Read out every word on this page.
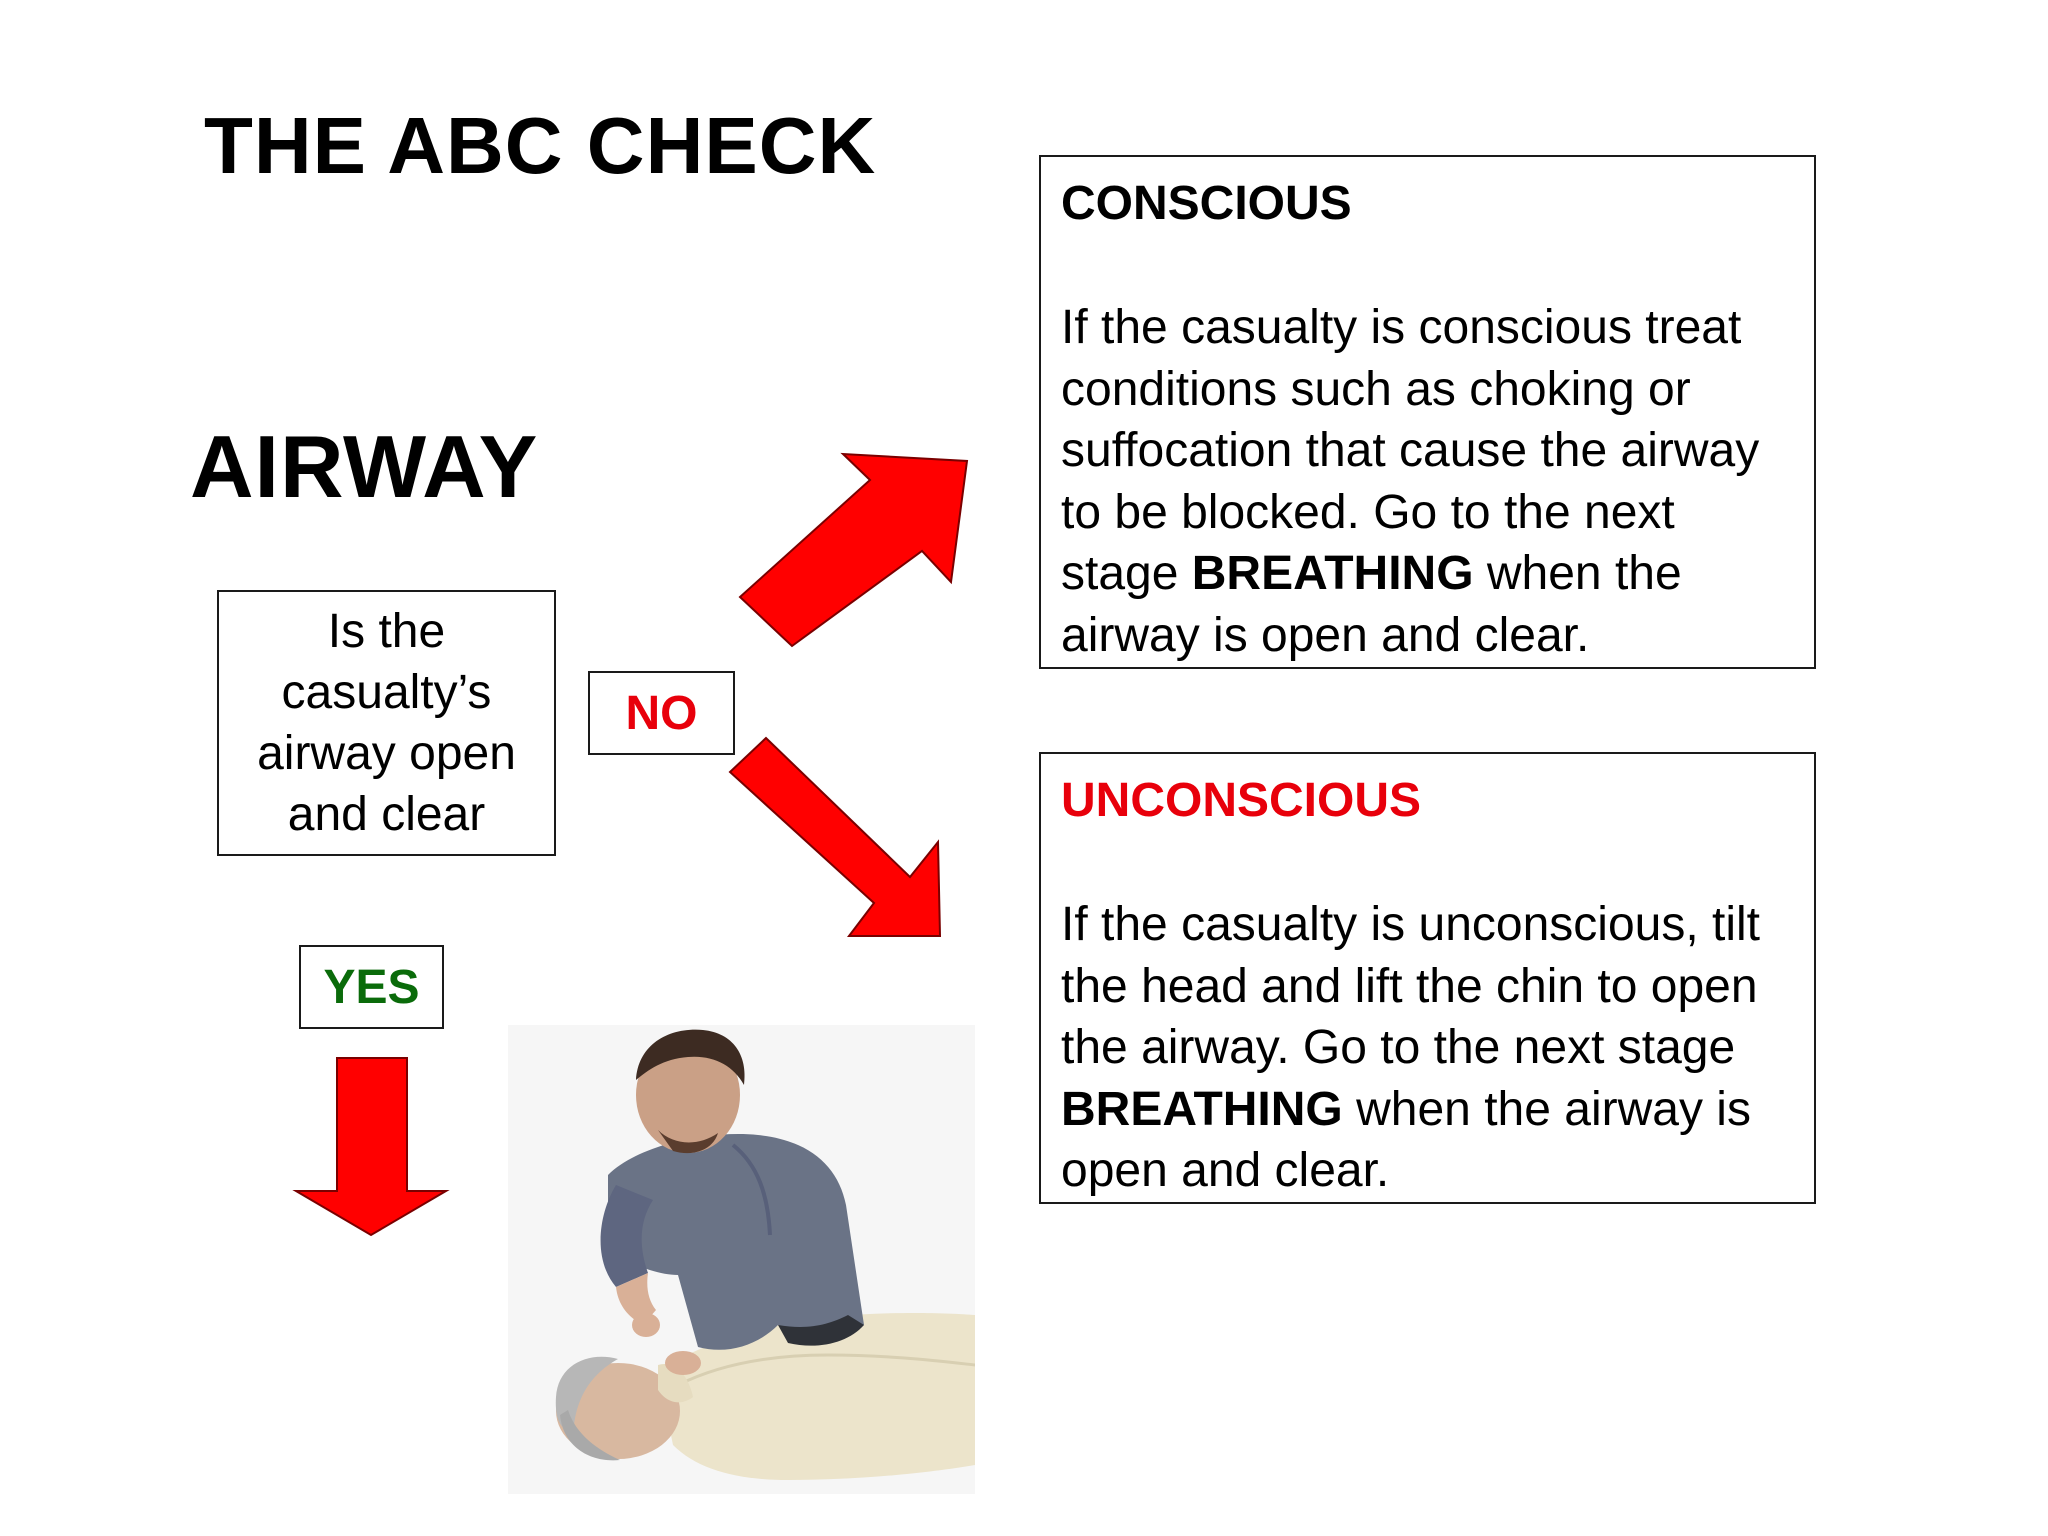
THE ABC CHECK
AIRWAY
Is the
casualty’s
airway open
and clear
NO
YES
CONSCIOUS
If the casualty is conscious treat conditions such as choking or suffocation that cause the airway to be blocked. Go to the next stage BREATHING when the airway is open and clear.
UNCONSCIOUS
If the casualty is unconscious, tilt the head and lift the chin to open the airway. Go to the next stage BREATHING when the airway is open and clear.
